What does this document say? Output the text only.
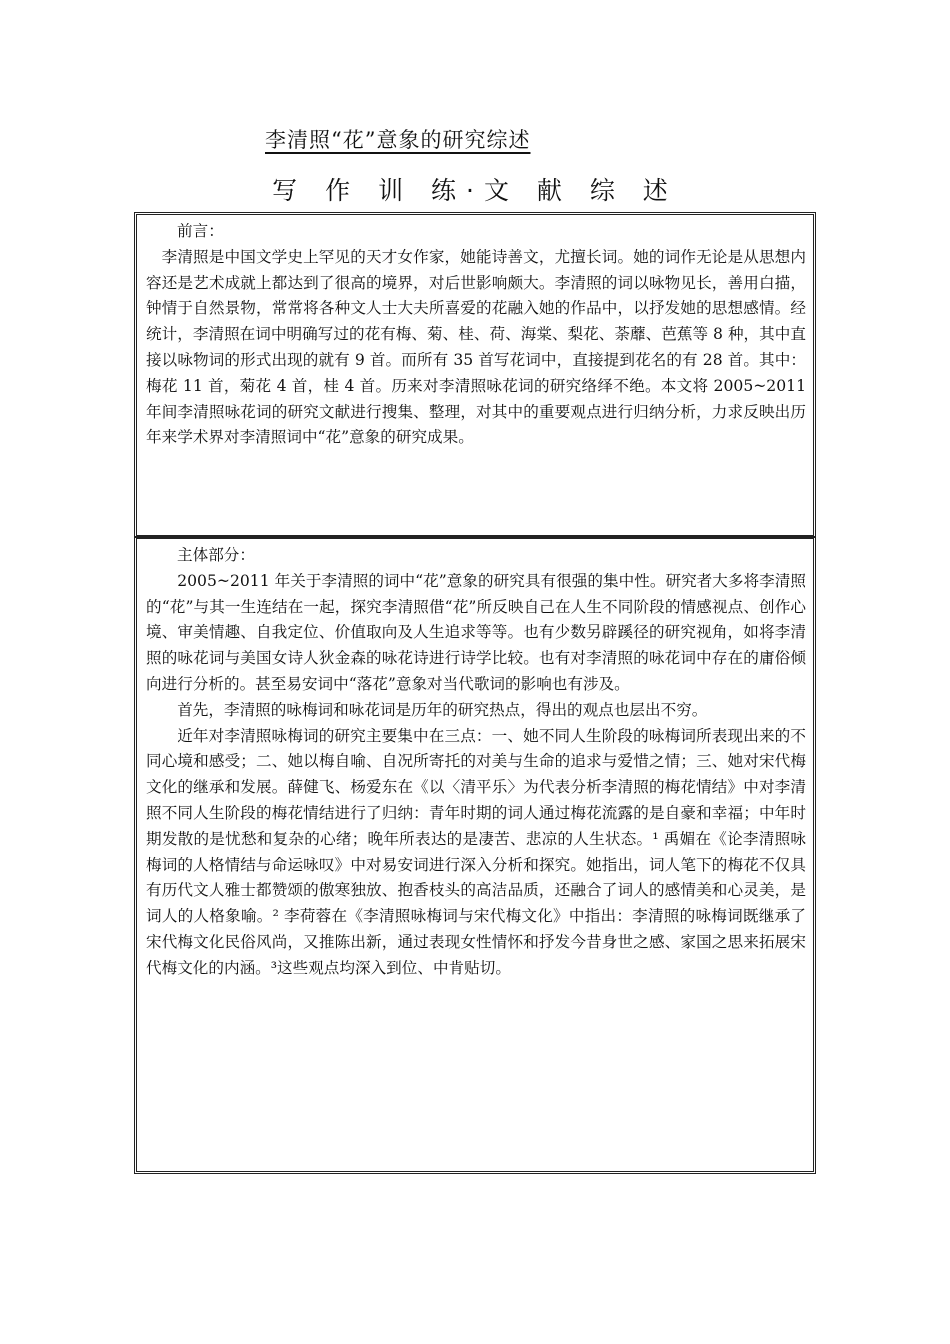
李清照“花”意象的研究综述
写 作 训 练·文 献 综 述
前言：

李清照是中国文学史上罕见的天才女作家，她能诗善文，尤擅长词。她的词作无论是从思想内容还是艺术成就上都达到了很高的境界，对后世影响颇大。李清照的词以咏物见长，善用白描，钟情于自然景物，常常将各种文人士大夫所喜爱的花融入她的作品中，以抒发她的思想感情。经统计，李清照在词中明确写过的花有梅、菊、桂、荷、海棠、梨花、荼蘼、芭蕉等 8 种，其中直接以咏物词的形式出现的就有 9 首。而所有 35 首写花词中，直接提到花名的有 28 首。其中：梅花 11 首，菊花 4 首，桂 4 首。历来对李清照咏花词的研究络绎不绝。本文将 2005~2011 年间李清照咏花词的研究文献进行搜集、整理，对其中的重要观点进行归纳分析，力求反映出历年来学术界对李清照词中“花”意象的研究成果。

主体部分：

2005~2011 年关于李清照的词中“花”意象的研究具有很强的集中性。研究者大多将李清照的“花”与其一生连结在一起，探究李清照借“花”所反映自己在人生不同阶段的情感视点、创作心境、审美情趣、自我定位、价值取向及人生追求等等。也有少数另辟蹊径的研究视角，如将李清照的咏花词与美国女诗人狄金森的咏花诗进行诗学比较。也有对李清照的咏花词中存在的庸俗倾向进行分析的。甚至易安词中“落花”意象对当代歌词的影响也有涉及。

首先，李清照的咏梅词和咏花词是历年的研究热点，得出的观点也层出不穷。

近年对李清照咏梅词的研究主要集中在三点：一、她不同人生阶段的咏梅词所表现出来的不同心境和感受；二、她以梅自喻、自况所寄托的对美与生命的追求与爱惜之情；三、她对宋代梅文化的继承和发展。薛健飞、杨爱东在《以〈清平乐〉为代表分析李清照的梅花情结》中对李清照不同人生阶段的梅花情结进行了归纳：青年时期的词人通过梅花流露的是自豪和幸福；中年时期发散的是忧愁和复杂的心绪；晚年所表达的是凄苦、悲凉的人生状态。¹ 禹媚在《论李清照咏梅词的人格情结与命运咏叹》中对易安词进行深入分析和探究。她指出，词人笔下的梅花不仅具有历代文人雅士都赞颂的傲寒独放、抱香枝头的高洁品质，还融合了词人的感情美和心灵美，是词人的人格象喻。² 李荷蓉在《李清照咏梅词与宋代梅文化》中指出：李清照的咏梅词既继承了宋代梅文化民俗风尚，又推陈出新，通过表现女性情怀和抒发今昔身世之感、家国之思来拓展宋代梅文化的内涵。³这些观点均深入到位、中肯贴切。
